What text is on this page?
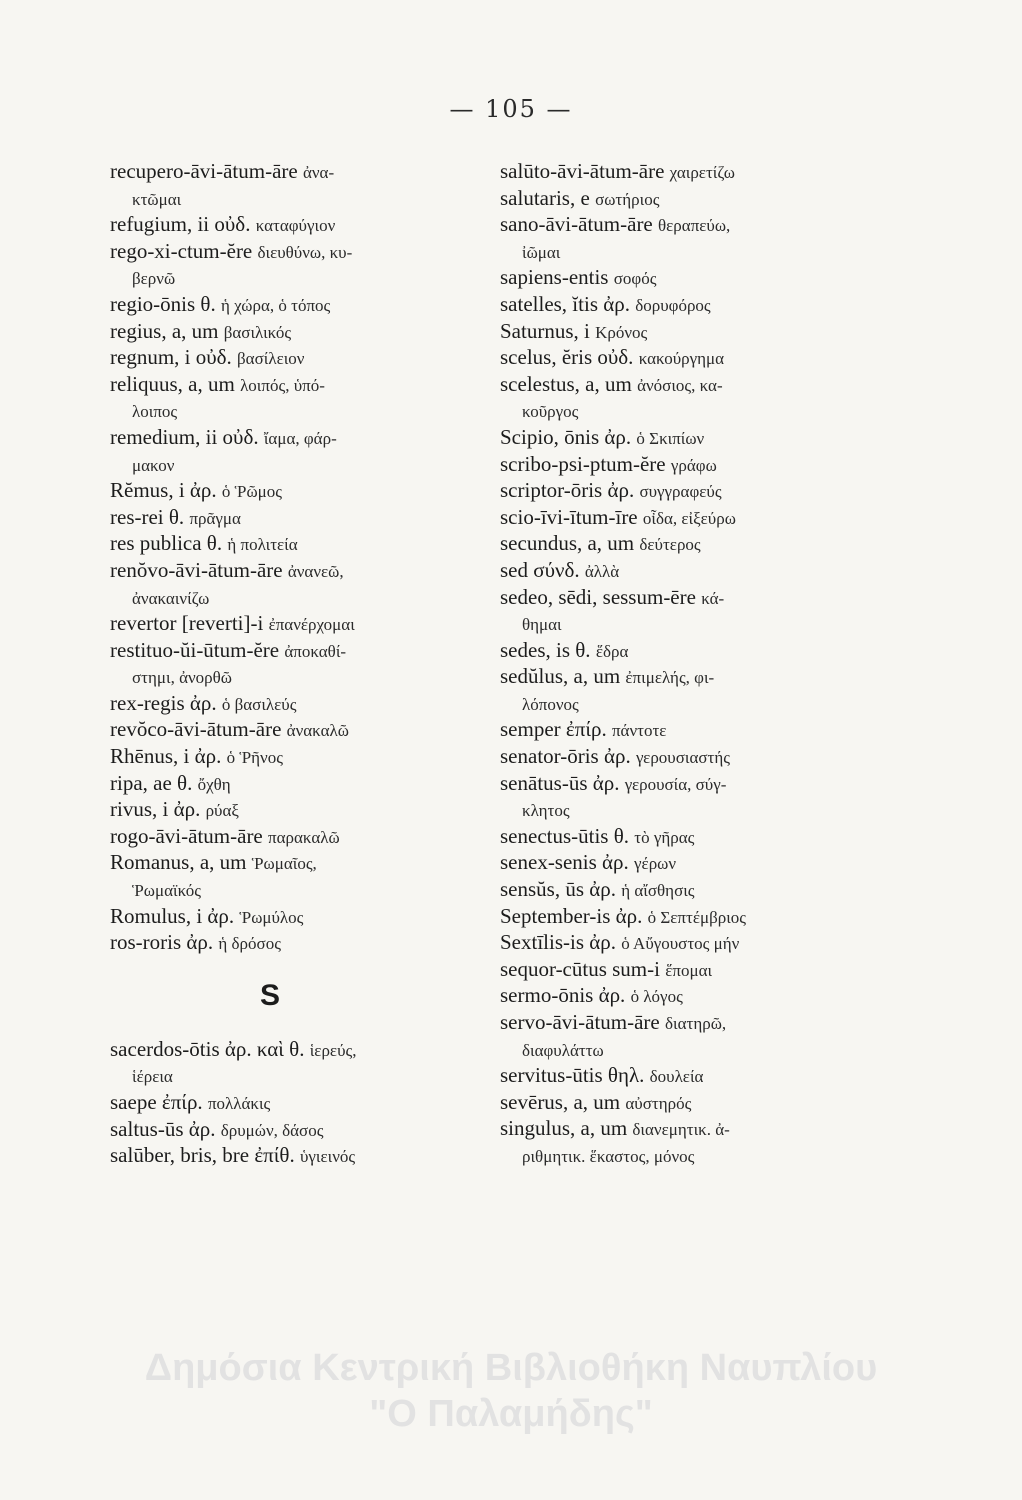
— 105 —
recupero-āvi-ātum-āre ἀνα-
κτῶμαι
refugium, ii οὐδ. καταφύγιον
rego-xi-ctum-ĕre διευθύνω, κυ-
βερνῶ
regio-ōnis θ. ἡ χώρα, ὁ τόπος
regius, a, um βασιλικός
regnum, i οὐδ. βασίλειον
reliquus, a, um λοιπός, ὑπό-
λοιπος
remedium, ii οὐδ. ἴαμα, φάρ-
μακον
Rĕmus, i ἀρ. ὁ Ῥῶμος
res-rei θ. πρᾶγμα
res publica θ. ἡ πολιτεία
renŏvo-āvi-ātum-āre ἀνανεῶ,
ἀνακαινίζω
revertor [reverti]-i ἐπανέρχομαι
restituo-ŭi-ūtum-ĕre ἀποκαθί-
στημι, ἀνορθῶ
rex-regis ἀρ. ὁ βασιλεύς
revŏco-āvi-ātum-āre ἀνακαλῶ
Rhēnus, i ἀρ. ὁ Ῥῆνος
ripa, ae θ. ὄχθη
rivus, i ἀρ. ρύαξ
rogo-āvi-ātum-āre παρακαλῶ
Romanus, a, um Ῥωμαῖος,
Ῥωμαϊκός
Romulus, i ἀρ. Ῥωμύλος
ros-roris ἀρ. ἡ δρόσος
S
sacerdos-ōtis ἀρ. καὶ θ. ἱερεύς,
ἱέρεια
saepe ἐπίρ. πολλάκις
saltus-ūs ἀρ. δρυμών, δάσος
salūber, bris, bre ἐπίθ. ὑγιεινός
salūto-āvi-ātum-āre χαιρετίζω
salutaris, e σωτήριος
sano-āvi-ātum-āre θεραπεύω,
ἰῶμαι
sapiens-entis σοφός
satelles, ĭtis ἀρ. δορυφόρος
Saturnus, i Κρόνος
scelus, ĕris οὐδ. κακούργημα
scelestus, a, um ἀνόσιος, κα-
κοῦργος
Scipio, ōnis ἀρ. ὁ Σκιπίων
scribo-psi-ptum-ĕre γράφω
scriptor-ōris ἀρ. συγγραφεύς
scio-īvi-ītum-īre οἶδα, εἰξεύρω
secundus, a, um δεύτερος
sed σύνδ. ἀλλὰ
sedeo, sēdi, sessum-ēre κά-
θημαι
sedes, is θ. ἕδρα
sedŭlus, a, um ἐπιμελής, φι-
λόπονος
semper ἐπίρ. πάντοτε
senator-ōris ἀρ. γερουσιαστής
senātus-ūs ἀρ. γερουσία, σύγ-
κλητος
senectus-ūtis θ. τὸ γῆρας
senex-senis ἀρ. γέρων
sensŭs, ūs ἀρ. ἡ αἴσθησις
September-is ἀρ. ὁ Σεπτέμβριος
Sextīlis-is ἀρ. ὁ Αὔγουστος μήν
sequor-cūtus sum-i ἕπομαι
sermo-ōnis ἀρ. ὁ λόγος
servo-āvi-ātum-āre διατηρῶ,
διαφυλάττω
servitus-ūtis θηλ. δουλεία
sevērus, a, um αὐστηρός
singulus, a, um διανεμητικ. ἀ-
ριθμητικ. ἕκαστος, μόνος
Δημόσια Κεντρική Βιβλιοθήκη Ναυπλίου
"Ο Παλαμήδης"
